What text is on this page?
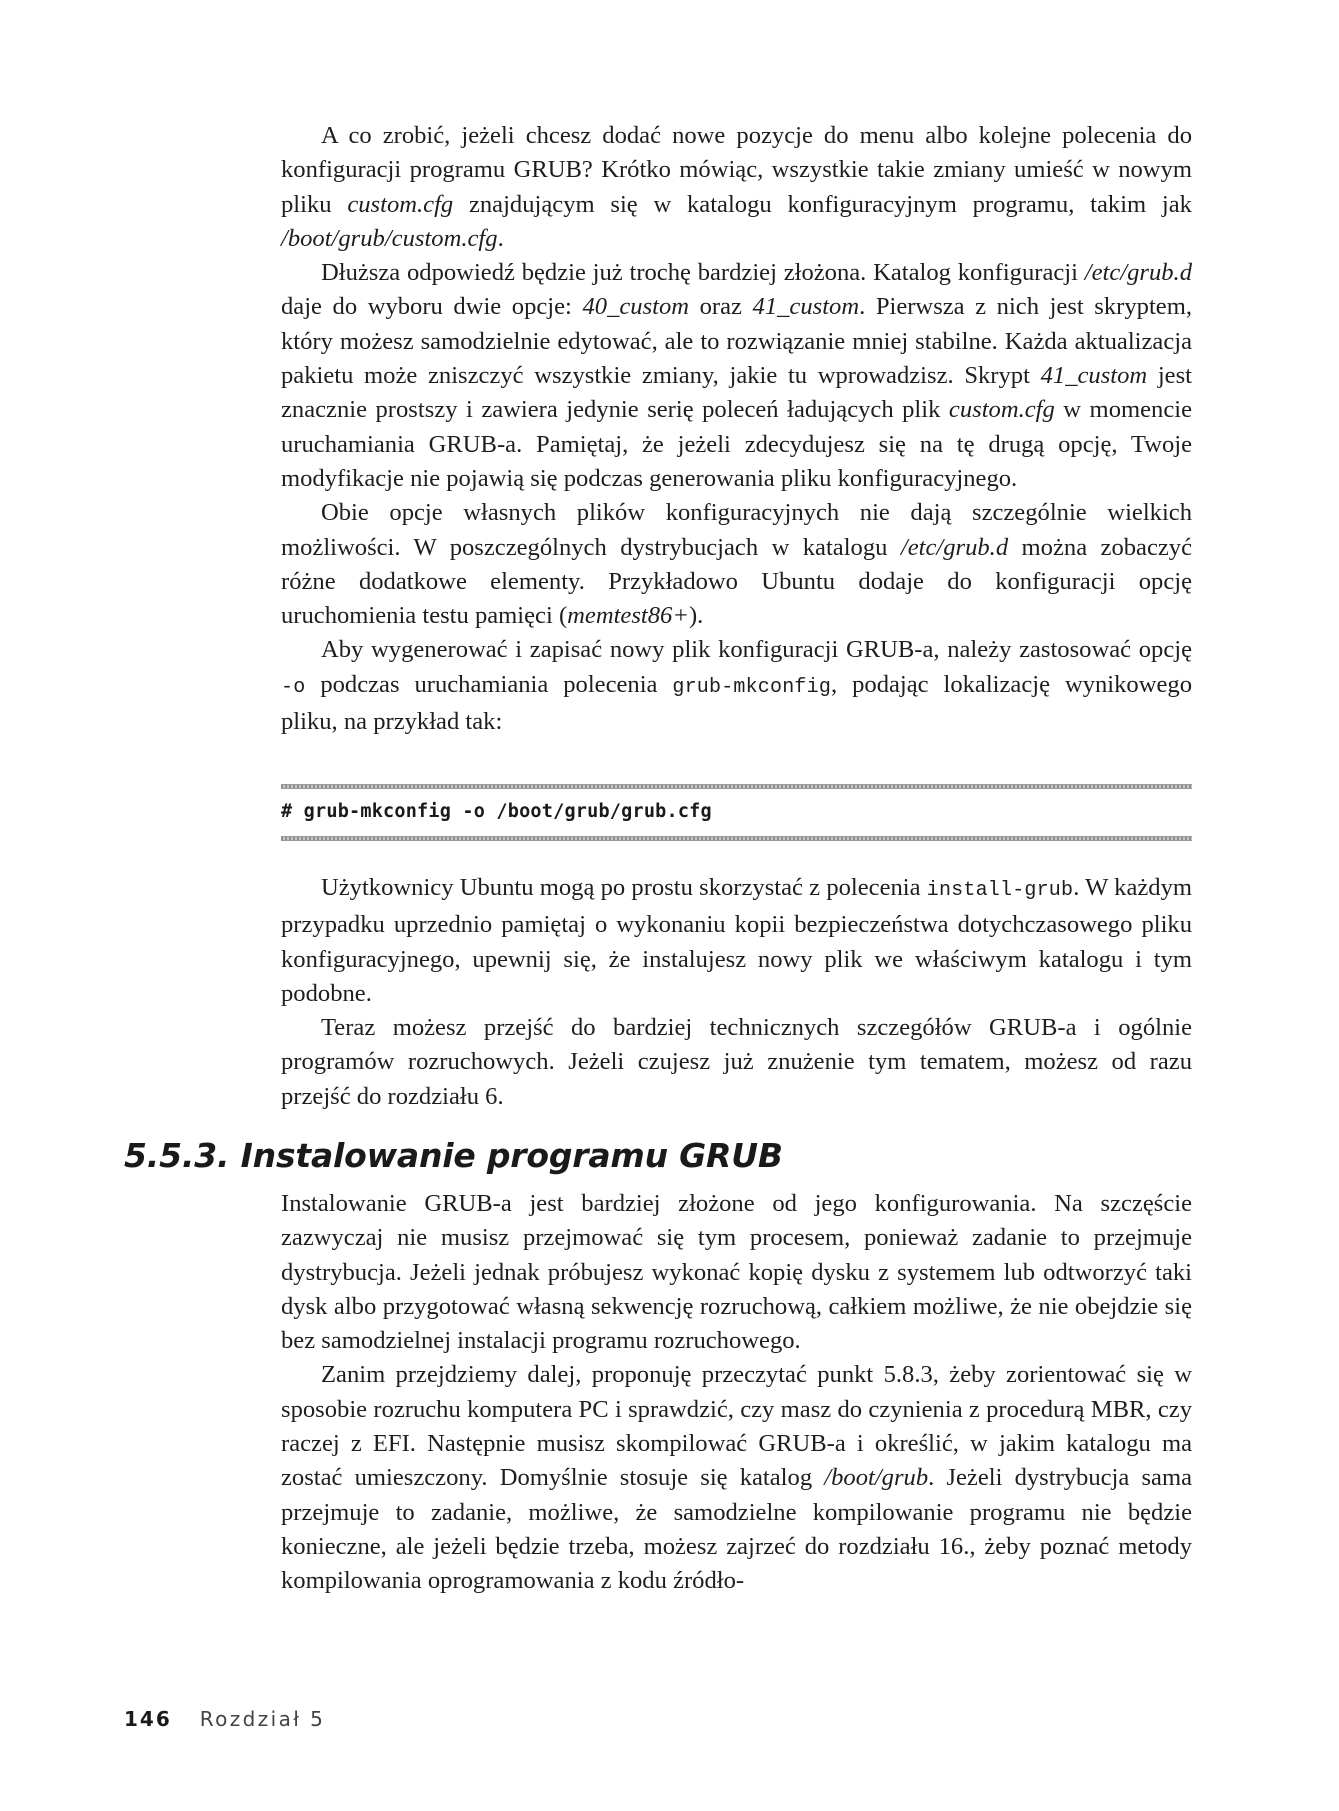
A co zrobić, jeżeli chcesz dodać nowe pozycje do menu albo kolejne polecenia do konfiguracji programu GRUB? Krótko mówiąc, wszystkie takie zmiany umieść w nowym pliku custom.cfg znajdującym się w katalogu konfiguracyjnym programu, takim jak /boot/grub/custom.cfg.

Dłuższa odpowiedź będzie już trochę bardziej złożona. Katalog konfiguracji /etc/grub.d daje do wyboru dwie opcje: 40_custom oraz 41_custom. Pierwsza z nich jest skryptem, który możesz samodzielnie edytować, ale to rozwiązanie mniej stabilne. Każda aktualizacja pakietu może zniszczyć wszystkie zmiany, jakie tu wprowadzisz. Skrypt 41_custom jest znacznie prostszy i zawiera jedynie serię poleceń ładujących plik custom.cfg w momencie uruchamiania GRUB-a. Pamiętaj, że jeżeli zdecydujesz się na tę drugą opcję, Twoje modyfikacje nie pojawią się podczas generowania pliku konfiguracyjnego.

Obie opcje własnych plików konfiguracyjnych nie dają szczególnie wielkich możliwości. W poszczególnych dystrybucjach w katalogu /etc/grub.d można zobaczyć różne dodatkowe elementy. Przykładowo Ubuntu dodaje do konfiguracji opcję uruchomienia testu pamięci (memtest86+).

Aby wygenerować i zapisać nowy plik konfiguracji GRUB-a, należy zastosować opcję -o podczas uruchamiania polecenia grub-mkconfig, podając lokalizację wynikowego pliku, na przykład tak:

# grub-mkconfig -o /boot/grub/grub.cfg

Użytkownicy Ubuntu mogą po prostu skorzystać z polecenia install-grub. W każdym przypadku uprzednio pamiętaj o wykonaniu kopii bezpieczeństwa dotychczasowego pliku konfiguracyjnego, upewnij się, że instalujesz nowy plik we właściwym katalogu i tym podobne.

Teraz możesz przejść do bardziej technicznych szczegółów GRUB-a i ogólnie programów rozruchowych. Jeżeli czujesz już znużenie tym tematem, możesz od razu przejść do rozdziału 6.

5.5.3. Instalowanie programu GRUB

Instalowanie GRUB-a jest bardziej złożone od jego konfigurowania. Na szczęście zazwyczaj nie musisz przejmować się tym procesem, ponieważ zadanie to przejmuje dystrybucja. Jeżeli jednak próbujesz wykonać kopię dysku z systemem lub odtworzyć taki dysk albo przygotować własną sekwencję rozruchową, całkiem możliwe, że nie obejdzie się bez samodzielnej instalacji programu rozruchowego.

Zanim przejdziemy dalej, proponuję przeczytać punkt 5.8.3, żeby zorientować się w sposobie rozruchu komputera PC i sprawdzić, czy masz do czynienia z procedurą MBR, czy raczej z EFI. Następnie musisz skompilować GRUB-a i określić, w jakim katalogu ma zostać umieszczony. Domyślnie stosuje się katalog /boot/grub. Jeżeli dystrybucja sama przejmuje to zadanie, możliwe, że samodzielne kompilowanie programu nie będzie konieczne, ale jeżeli będzie trzeba, możesz zajrzeć do rozdziału 16., żeby poznać metody kompilowania oprogramowania z kodu źródło-

146 Rozdział 5
